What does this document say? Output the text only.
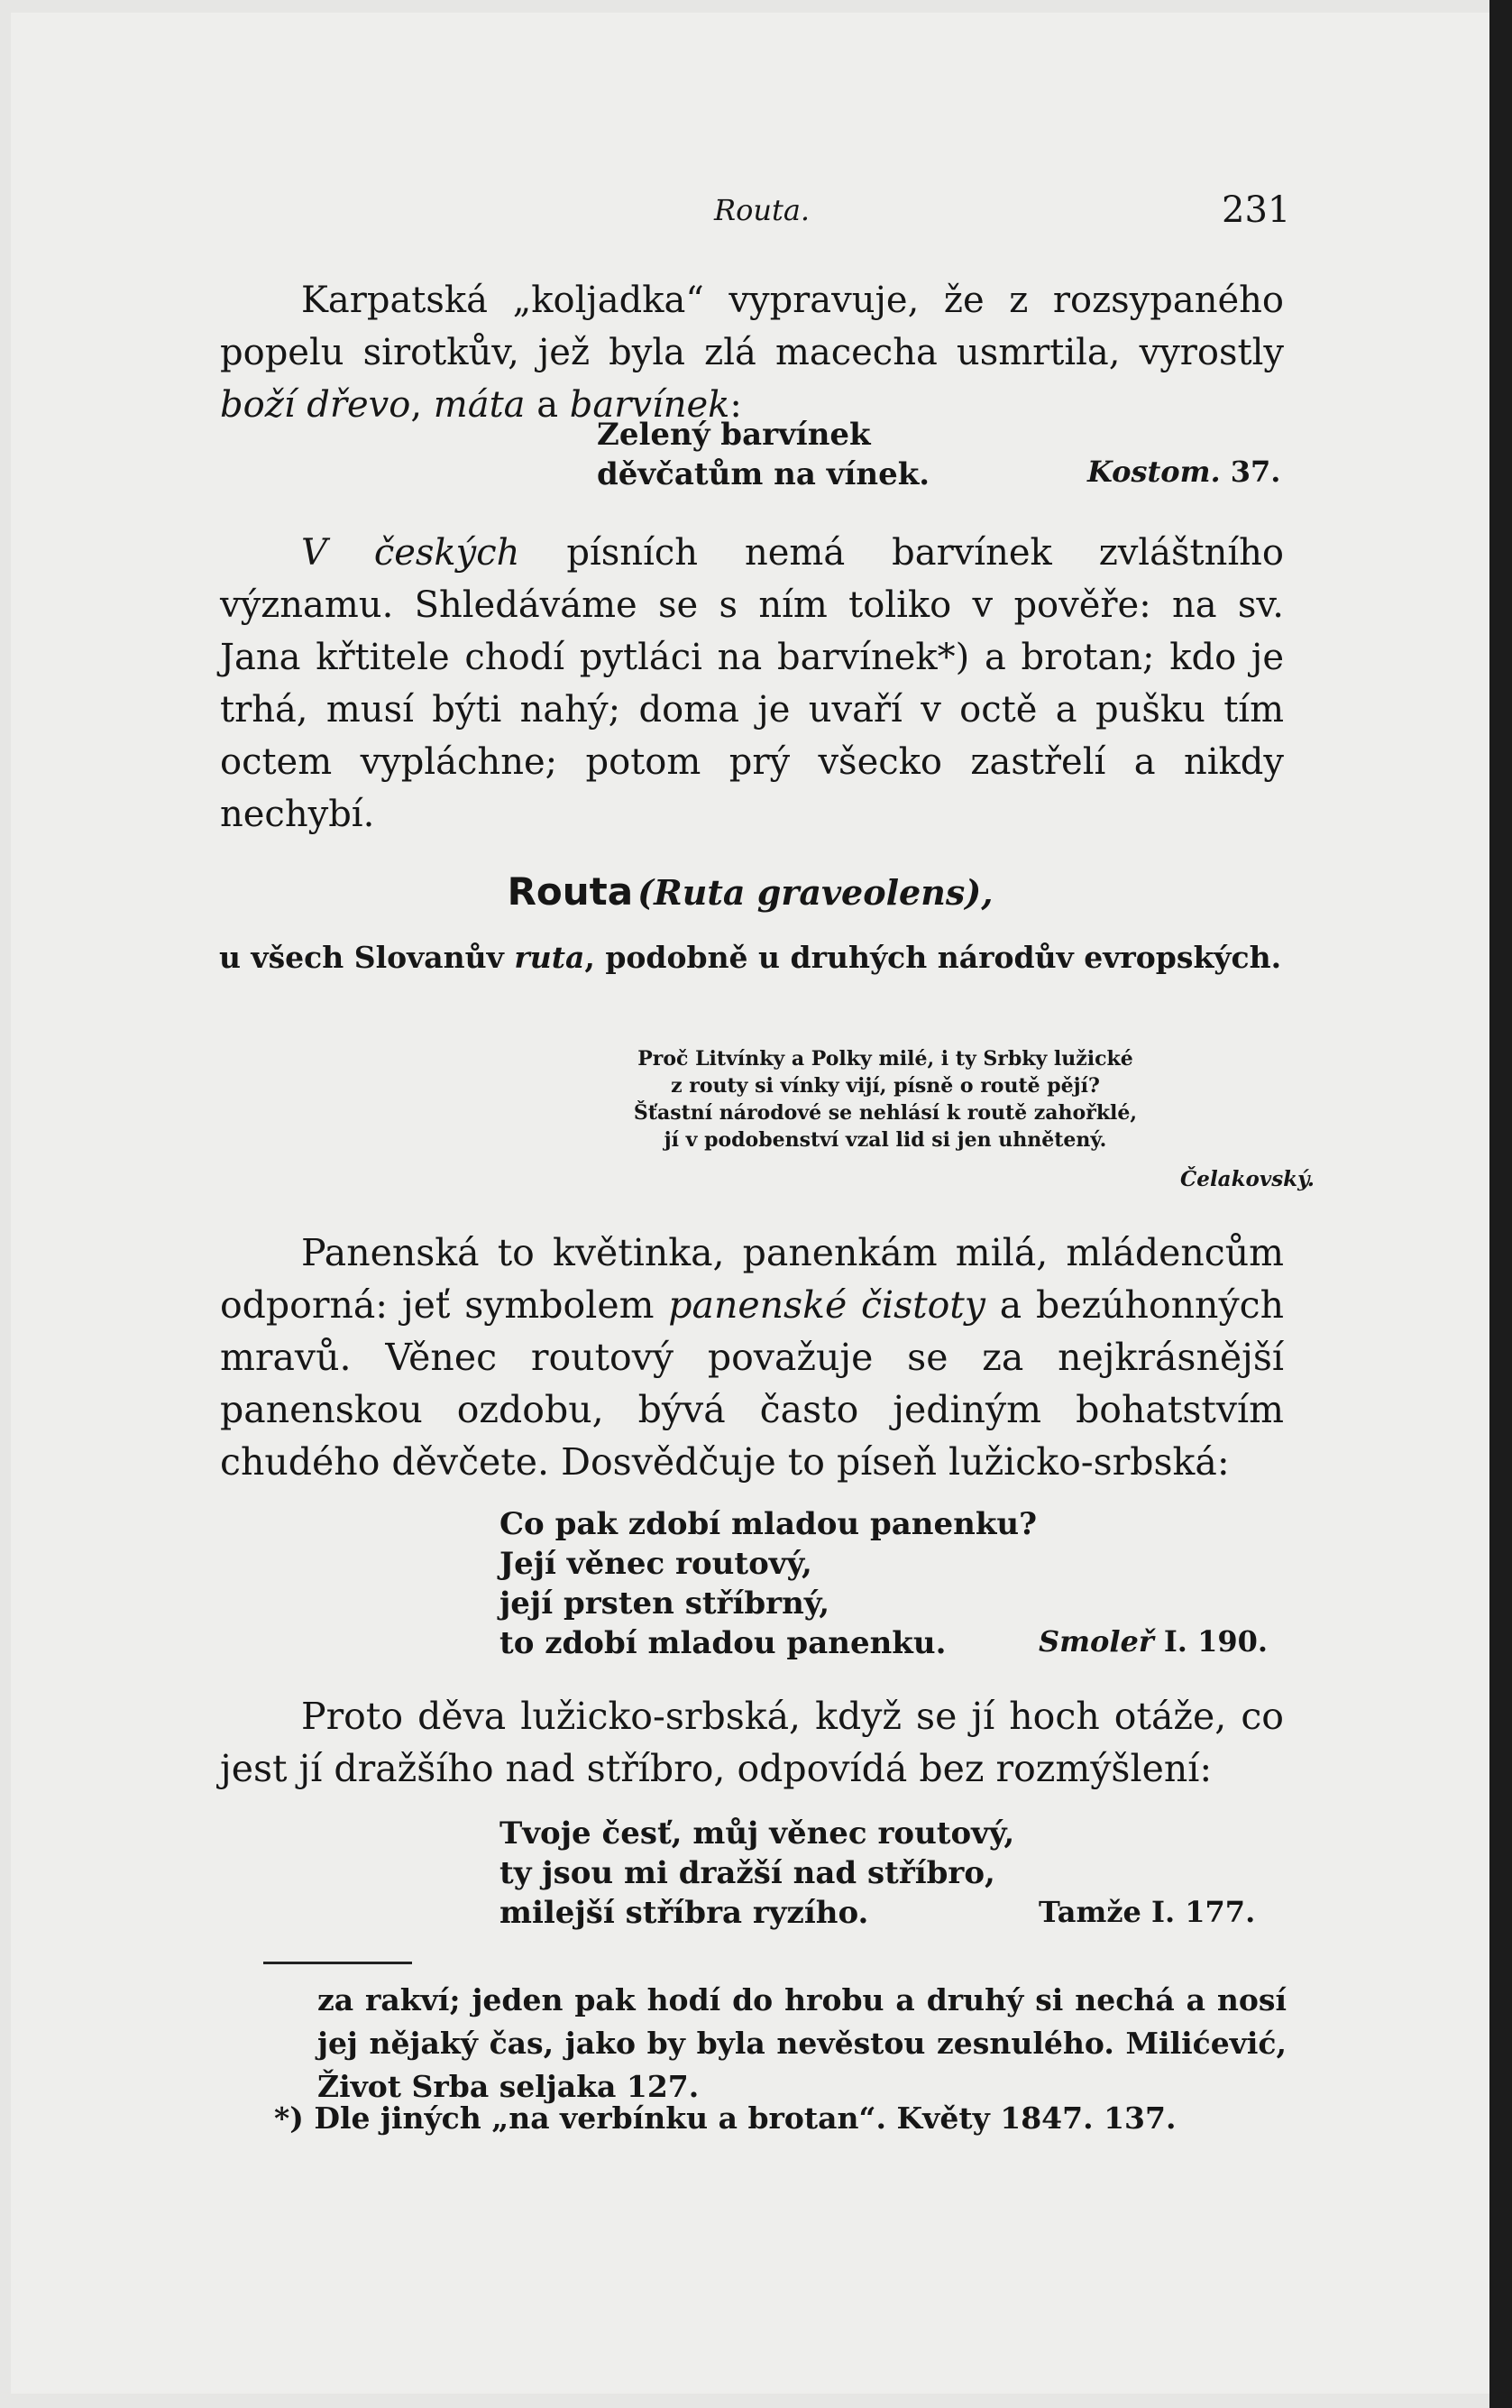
Routa.	231

Karpatská „koljadka“ vypravuje, že z rozsypaného popelu sirotkův, jež byla zlá macecha usmrtila, vyrostly boží dřevo, máta a barvínek:

Zelený barvínek
děvčatům na vínek.	Kostom. 37.

V českých písních nemá barvínek zvláštního významu. Shledáváme se s ním toliko v pověře: na sv. Jana křtitele chodí pytláci na barvínek*) a brotan; kdo je trhá, musí býti nahý; doma je uvaří v octě a pušku tím octem vypláchne; potom prý všecko zastřelí a nikdy nechybí.

Routa (Ruta graveolens),
u všech Slovanův ruta, podobně u druhých národův evropských.
Proč Litvínky a Polky milé, i ty Srbky lužické
z routy si vínky vijí, písně o routě pějí?
Šťastní národové se nehlásí k routě zahořklé,
jí v podobenství vzal lid si jen uhnětený.
Čelakovský.

Panenská to květinka, panenkám milá, mládencům odporná: jeť symbolem panenské čistoty a bezúhonných mravů. Věnec routový považuje se za nejkrásnější panenskou ozdobu, bývá často jediným bohatstvím chudého děvčete. Dosvědčuje to píseň lužicko-srbská:

Co pak zdobí mladou panenku?
Její věnec routový,
její prsten stříbrný,
to zdobí mladou panenku.	Smoleř I. 190.

Proto děva lužicko-srbská, když se jí hoch otáže, co jest jí dražšího nad stříbro, odpovídá bez rozmýšlení:

Tvoje česť, můj věnec routový,
ty jsou mi dražší nad stříbro,
milejší stříbra ryzího.	Tamže I. 177.

za rakví; jeden pak hodí do hrobu a druhý si nechá a nosí jej nějaký čas, jako by byla nevěstou zesnulého. Milićević, Život Srba seljaka 127.

*) Dle jiných „na verbínku a brotan“. Květy 1847. 137.
